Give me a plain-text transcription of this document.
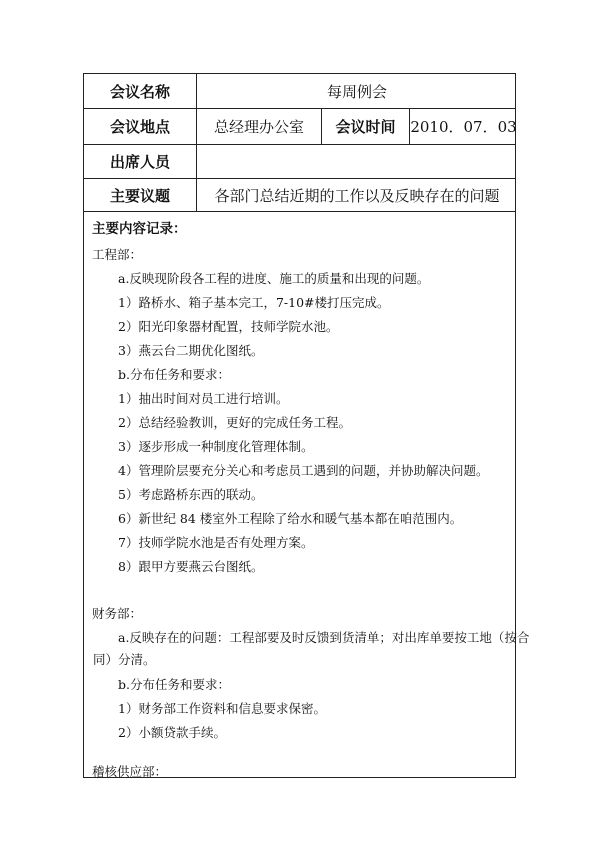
会议名称	每周例会
会议地点	总经理办公室	会议时间 2010．07．03
出席人员
主要议题	各部门总结近期的工作以及反映存在的问题
主要内容记录：
工程部：
a.反映现阶段各工程的进度、施工的质量和出现的问题。
1）路桥水、箱子基本完工，7-10#楼打压完成。
2）阳光印象器材配置，技师学院水池。
3）燕云台二期优化图纸。
b.分布任务和要求：
1）抽出时间对员工进行培训。
2）总结经验教训，更好的完成任务工程。
3）逐步形成一种制度化管理体制。
4）管理阶层要充分关心和考虑员工遇到的问题，并协助解决问题。
5）考虑路桥东西的联动。
6）新世纪 84 楼室外工程除了给水和暖气基本都在咱范围内。
7）技师学院水池是否有处理方案。
8）跟甲方要燕云台图纸。
财务部：
a.反映存在的问题：工程部要及时反馈到货清单；对出库单要按工地（按合
同）分清。
b.分布任务和要求：
1）财务部工作资料和信息要求保密。
2）小额贷款手续。
稽核供应部：
